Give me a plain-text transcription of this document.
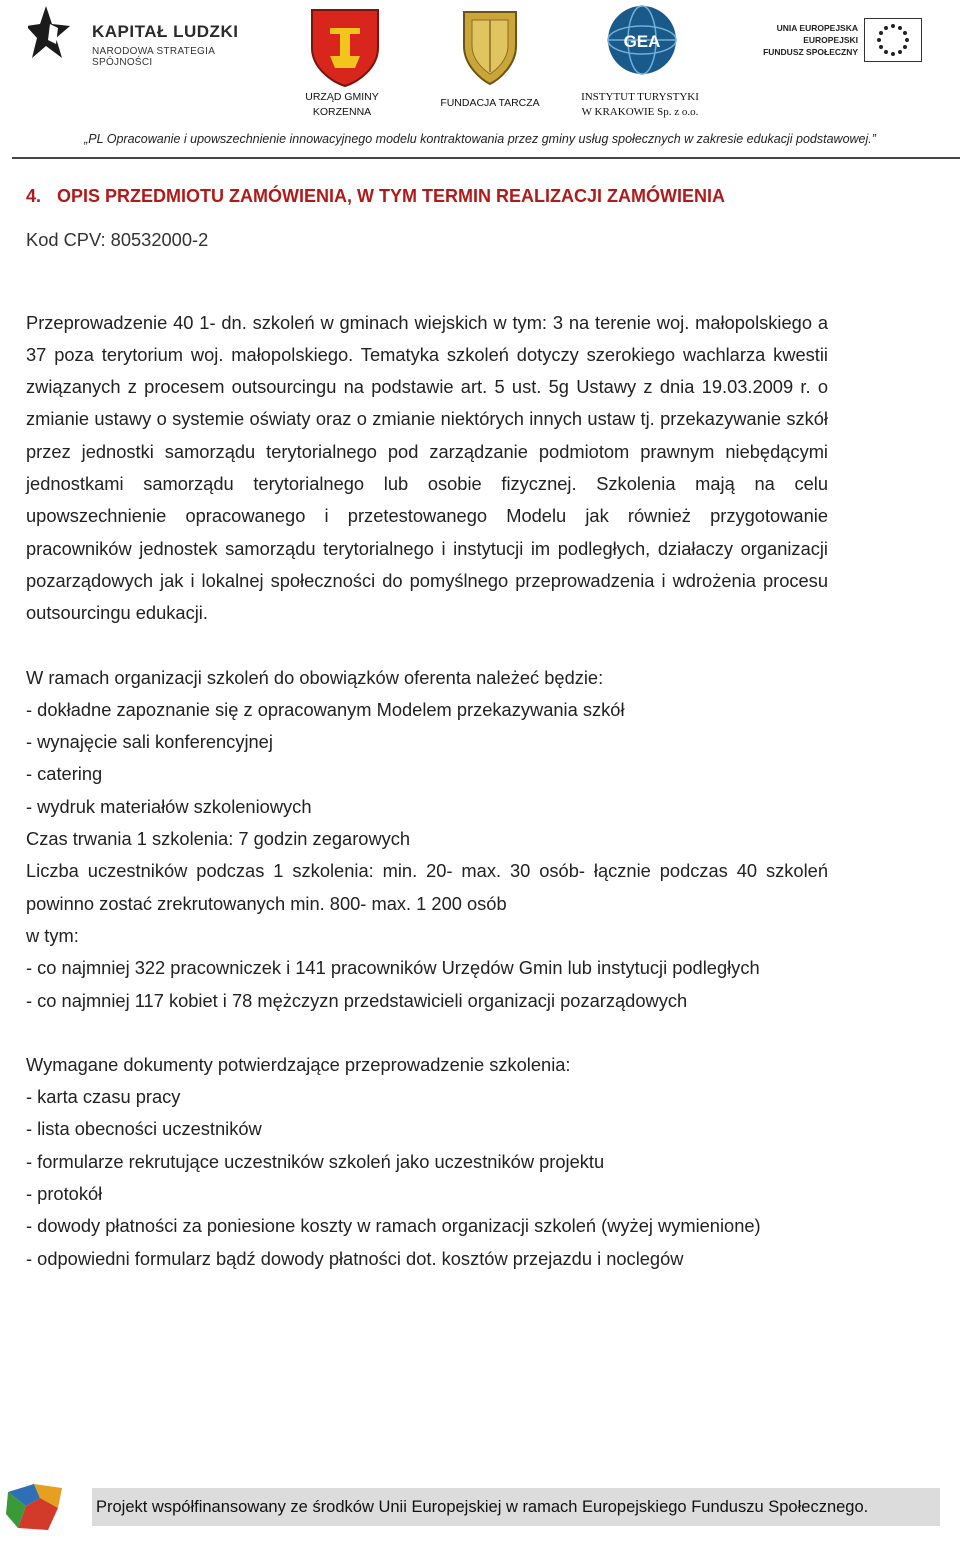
KAPITAŁ LUDZKI
NARODOWA STRATEGIA SPÓJNOŚCI
URZĄD GMINY
KORZENNA
FUNDACJA TARCZA
GEA
INSTYTUT TURYSTYKI
W KRAKOWIE Sp. z o.o.
UNIA EUROPEJSKA
EUROPEJSKI
FUNDUSZ SPOŁECZNY
„PL Opracowanie i upowszechnienie innowacyjnego modelu kontraktowania przez gminy usług społecznych w zakresie edukacji podstawowej.”
4. OPIS PRZEDMIOTU ZAMÓWIENIA, W TYM TERMIN REALIZACJI ZAMÓWIENIA
Kod CPV: 80532000-2

Przeprowadzenie 40 1- dn. szkoleń w gminach wiejskich w tym: 3 na terenie woj. małopolskiego a 37 poza terytorium woj. małopolskiego. Tematyka szkoleń dotyczy szerokiego wachlarza kwestii związanych z procesem outsourcingu na podstawie art. 5 ust. 5g Ustawy z dnia 19.03.2009 r. o zmianie ustawy o systemie oświaty oraz o zmianie niektórych innych ustaw tj. przekazywanie szkół przez jednostki samorządu terytorialnego pod zarządzanie podmiotom prawnym niebędącymi jednostkami samorządu terytorialnego lub osobie fizycznej. Szkolenia mają na celu upowszechnienie opracowanego i przetestowanego Modelu jak również przygotowanie pracowników jednostek samorządu terytorialnego i instytucji im podległych, działaczy organizacji pozarządowych jak i lokalnej społeczności do pomyślnego przeprowadzenia i wdrożenia procesu outsourcingu edukacji.

W ramach organizacji szkoleń do obowiązków oferenta należeć będzie:
- dokładne zapoznanie się z opracowanym Modelem przekazywania szkół
- wynajęcie sali konferencyjnej
- catering
- wydruk materiałów szkoleniowych
Czas trwania 1 szkolenia: 7 godzin zegarowych
Liczba uczestników podczas 1 szkolenia: min. 20- max. 30 osób- łącznie podczas 40 szkoleń powinno zostać zrekrutowanych min. 800- max. 1 200 osób
w tym:
- co najmniej 322 pracowniczek i 141 pracowników Urzędów Gmin lub instytucji podległych
- co najmniej 117 kobiet i 78 mężczyzn przedstawicieli organizacji pozarządowych
Wymagane dokumenty potwierdzające przeprowadzenie szkolenia:
- karta czasu pracy
- lista obecności uczestników
- formularze rekrutujące uczestników szkoleń jako uczestników projektu
- protokół
- dowody płatności za poniesione koszty w ramach organizacji szkoleń (wyżej wymienione)
- odpowiedni formularz bądź dowody płatności dot. kosztów przejazdu i noclegów
Projekt współfinansowany ze środków Unii Europejskiej w ramach Europejskiego Funduszu Społecznego.
